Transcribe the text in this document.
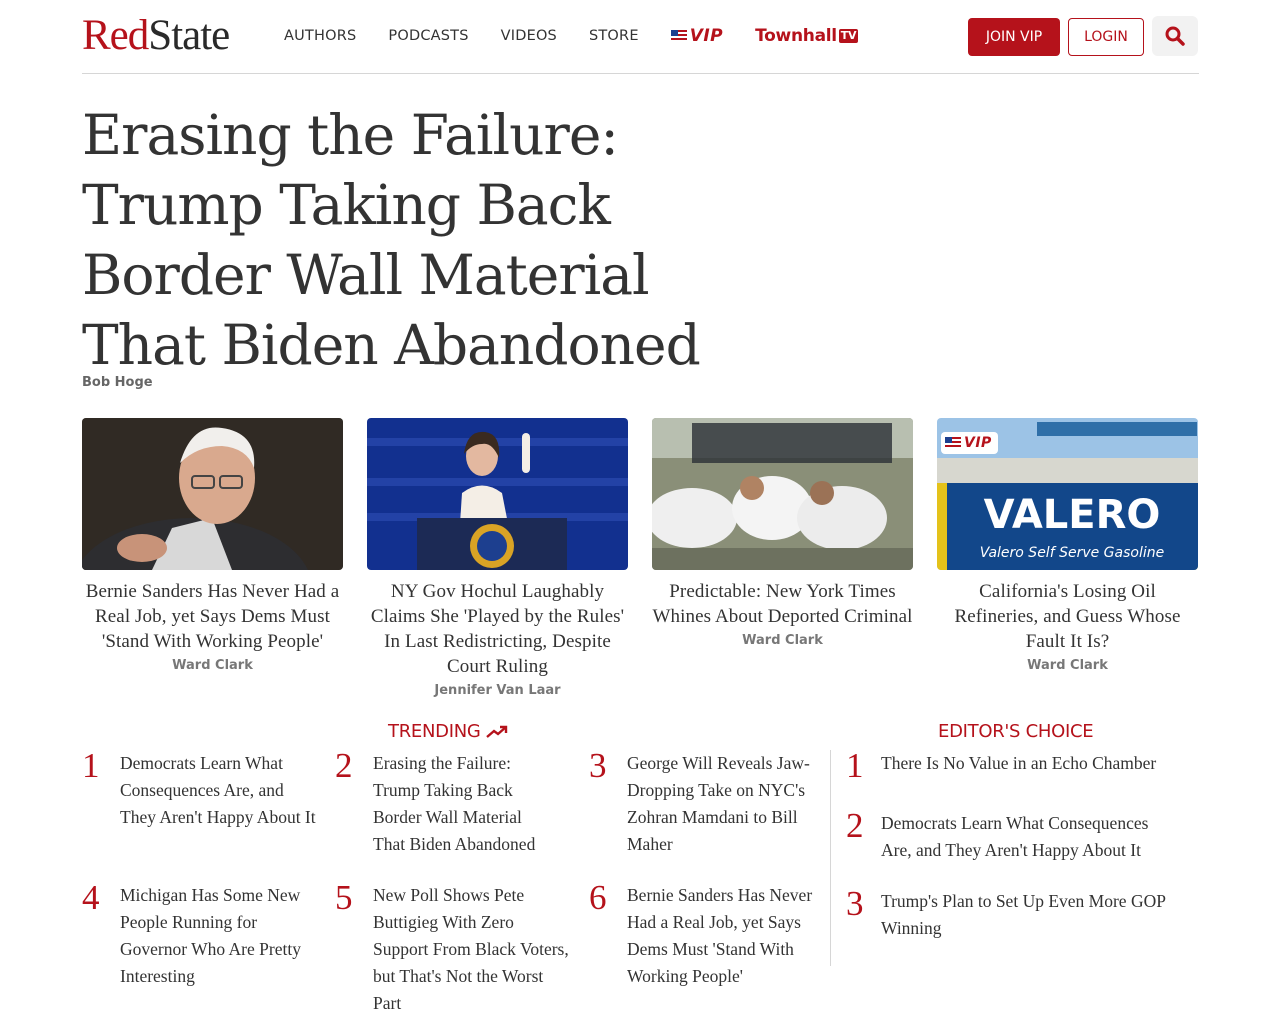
RedState	AUTHORS PODCASTS VIDEOS STORE	VIP Townhall TV	JOIN VIP	LOGIN
Erasing the Failure: Trump Taking Back Border Wall Material That Biden Abandoned
Bob Hoge
Bernie Sanders Has Never Had a Real Job, yet Says Dems Must 'Stand With Working People'
Ward Clark
NY Gov Hochul Laughably Claims She 'Played by the Rules' In Last Redistricting, Despite Court Ruling
Jennifer Van Laar
Predictable: New York Times Whines About Deported Criminal
Ward Clark
VALERO
Valero Self Serve Gasoline
VIP
California's Losing Oil Refineries, and Guess Whose Fault It Is?
Ward Clark
TRENDING
1 Democrats Learn What Consequences Are, and They Aren't Happy About It
2 Erasing the Failure: Trump Taking Back Border Wall Material That Biden Abandoned
3 George Will Reveals Jaw-Dropping Take on NYC's Zohran Mamdani to Bill Maher
4 Michigan Has Some New People Running for Governor Who Are Pretty Interesting
5 New Poll Shows Pete Buttigieg With Zero Support From Black Voters, but That's Not the Worst Part
6 Bernie Sanders Has Never Had a Real Job, yet Says Dems Must 'Stand With Working People'
EDITOR'S CHOICE
1 There Is No Value in an Echo Chamber
2 Democrats Learn What Consequences Are, and They Aren't Happy About It
3 Trump's Plan to Set Up Even More GOP Winning
